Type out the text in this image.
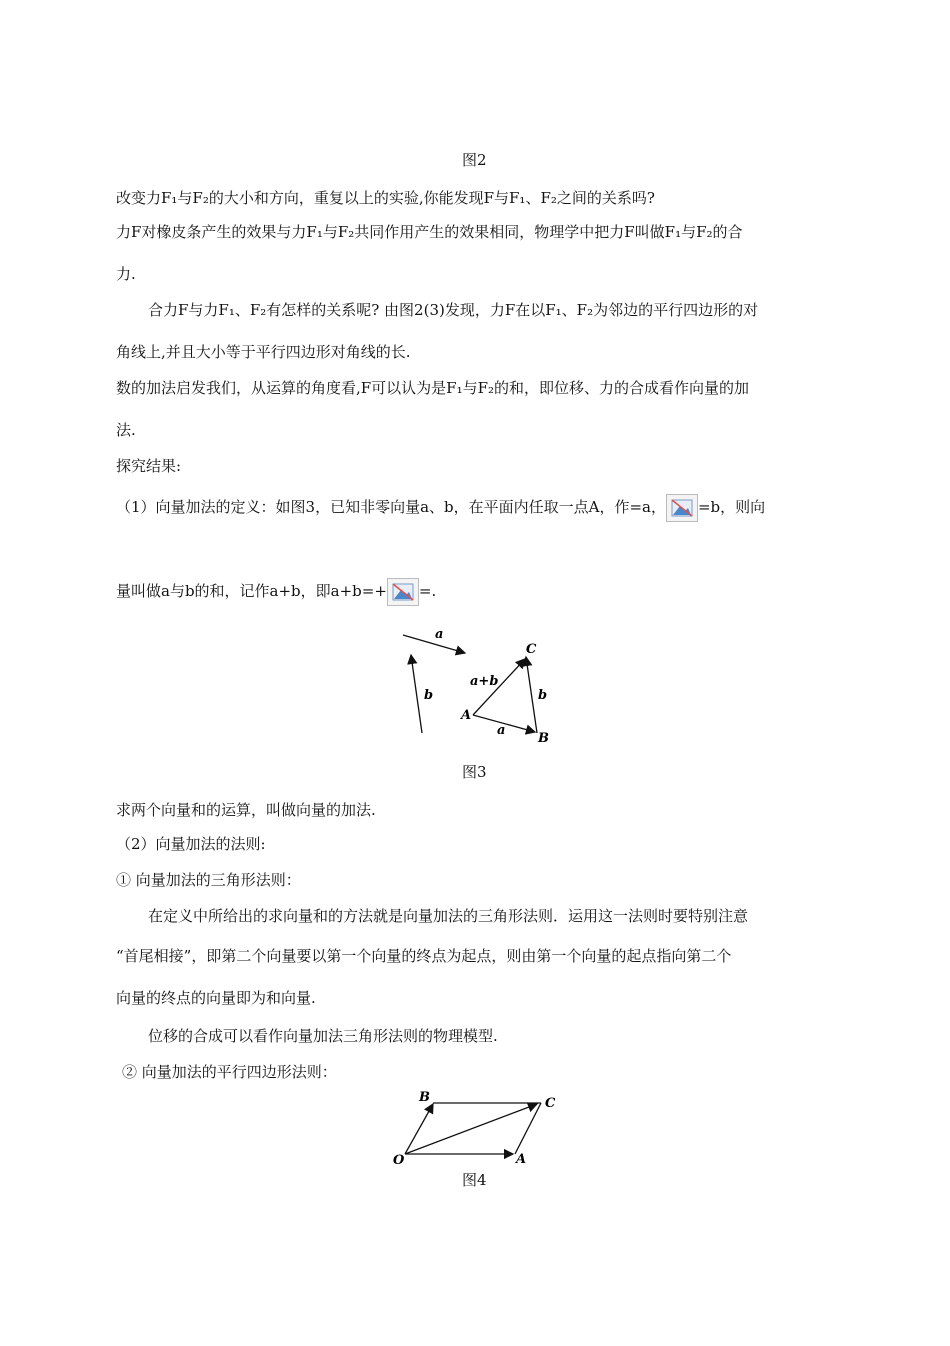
图2
改变力F₁与F₂的大小和方向，重复以上的实验,你能发现F与F₁、F₂之间的关系吗?
力F对橡皮条产生的效果与力F₁与F₂共同作用产生的效果相同，物理学中把力F叫做F₁与F₂的合
力.
合力F与力F₁、F₂有怎样的关系呢? 由图2(3)发现，力F在以F₁、F₂为邻边的平行四边形的对
角线上,并且大小等于平行四边形对角线的长.
数的加法启发我们，从运算的角度看,F可以认为是F₁与F₂的和，即位移、力的合成看作向量的加
法.
探究结果:
（1）向量加法的定义：如图3，已知非零向量a、b，在平面内任取一点A，作=a， =b，则向
量叫做a与b的和，记作a+b，即a+b=+ =.
a
b
a+b
b
a
A
B
C
图3
求两个向量和的运算，叫做向量的加法.
（2）向量加法的法则:
① 向量加法的三角形法则：
在定义中所给出的求向量和的方法就是向量加法的三角形法则．运用这一法则时要特别注意
“首尾相接”，即第二个向量要以第一个向量的终点为起点，则由第一个向量的起点指向第二个
向量的终点的向量即为和向量.
位移的合成可以看作向量加法三角形法则的物理模型.
② 向量加法的平行四边形法则：
O	A
B	C
图4
